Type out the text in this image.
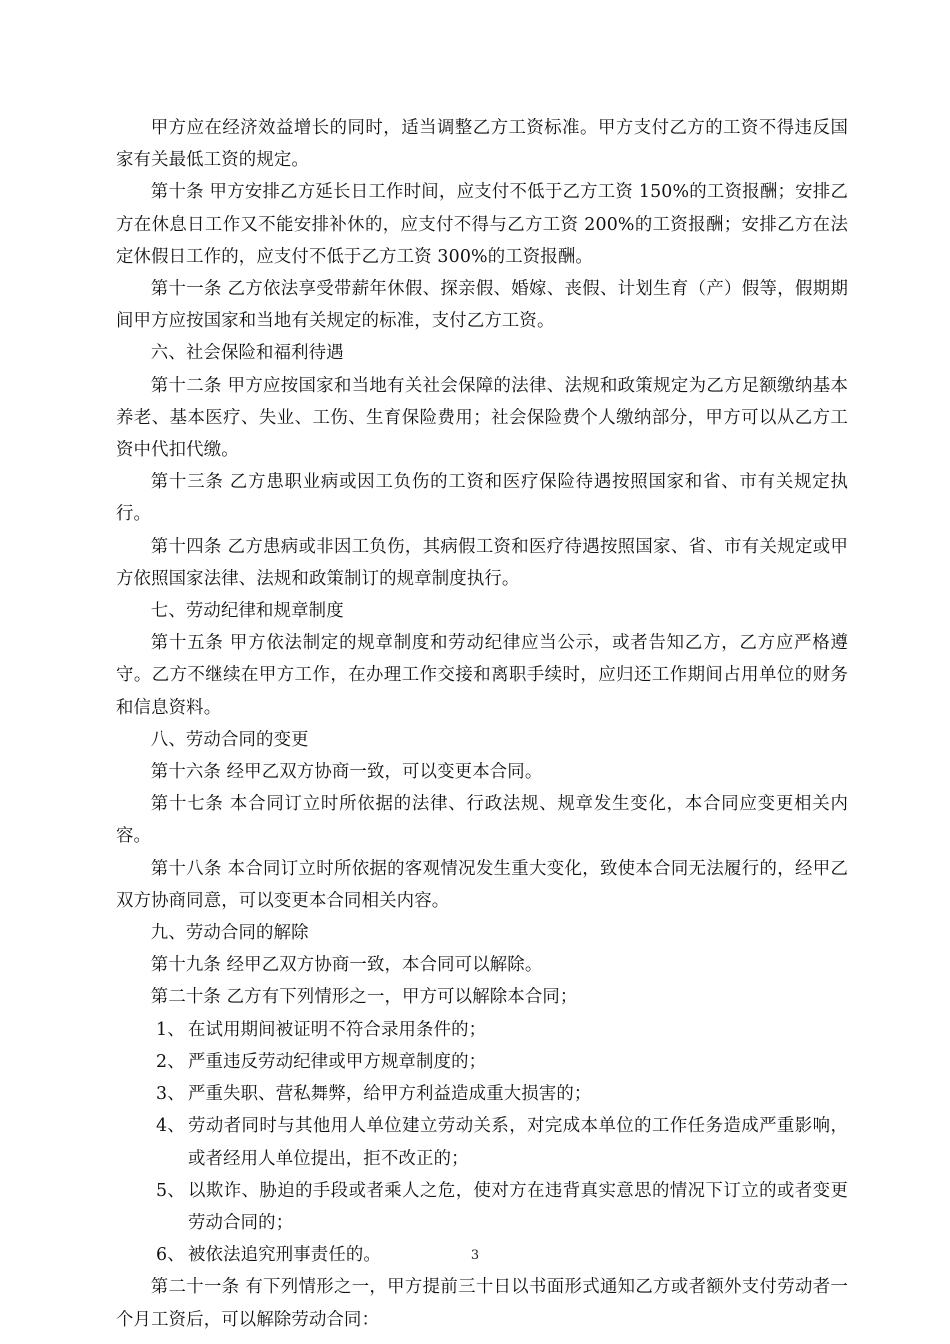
甲方应在经济效益增长的同时，适当调整乙方工资标准。甲方支付乙方的工资不得违反国家有关最低工资的规定。

第十条 甲方安排乙方延长日工作时间，应支付不低于乙方工资 150%的工资报酬；安排乙方在休息日工作又不能安排补休的，应支付不得与乙方工资 200%的工资报酬；安排乙方在法定休假日工作的，应支付不低于乙方工资 300%的工资报酬。

第十一条 乙方依法享受带薪年休假、探亲假、婚嫁、丧假、计划生育（产）假等，假期期间甲方应按国家和当地有关规定的标准，支付乙方工资。

六、社会保险和福利待遇

第十二条 甲方应按国家和当地有关社会保障的法律、法规和政策规定为乙方足额缴纳基本养老、基本医疗、失业、工伤、生育保险费用；社会保险费个人缴纳部分，甲方可以从乙方工资中代扣代缴。

第十三条 乙方患职业病或因工负伤的工资和医疗保险待遇按照国家和省、市有关规定执行。

第十四条 乙方患病或非因工负伤，其病假工资和医疗待遇按照国家、省、市有关规定或甲方依照国家法律、法规和政策制订的规章制度执行。

七、劳动纪律和规章制度

第十五条 甲方依法制定的规章制度和劳动纪律应当公示，或者告知乙方，乙方应严格遵守。乙方不继续在甲方工作，在办理工作交接和离职手续时，应归还工作期间占用单位的财务和信息资料。

八、劳动合同的变更

第十六条 经甲乙双方协商一致，可以变更本合同。

第十七条 本合同订立时所依据的法律、行政法规、规章发生变化，本合同应变更相关内容。

第十八条 本合同订立时所依据的客观情况发生重大变化，致使本合同无法履行的，经甲乙双方协商同意，可以变更本合同相关内容。

九、劳动合同的解除

第十九条 经甲乙双方协商一致，本合同可以解除。

第二十条 乙方有下列情形之一，甲方可以解除本合同；

1、 在试用期间被证明不符合录用条件的；
2、 严重违反劳动纪律或甲方规章制度的；
3、 严重失职、营私舞弊，给甲方利益造成重大损害的；
4、 劳动者同时与其他用人单位建立劳动关系，对完成本单位的工作任务造成严重影响，或者经用人单位提出，拒不改正的；
5、 以欺诈、胁迫的手段或者乘人之危，使对方在违背真实意思的情况下订立的或者变更劳动合同的；
6、 被依法追究刑事责任的。

第二十一条 有下列情形之一，甲方提前三十日以书面形式通知乙方或者额外支付劳动者一个月工资后，可以解除劳动合同：

3
